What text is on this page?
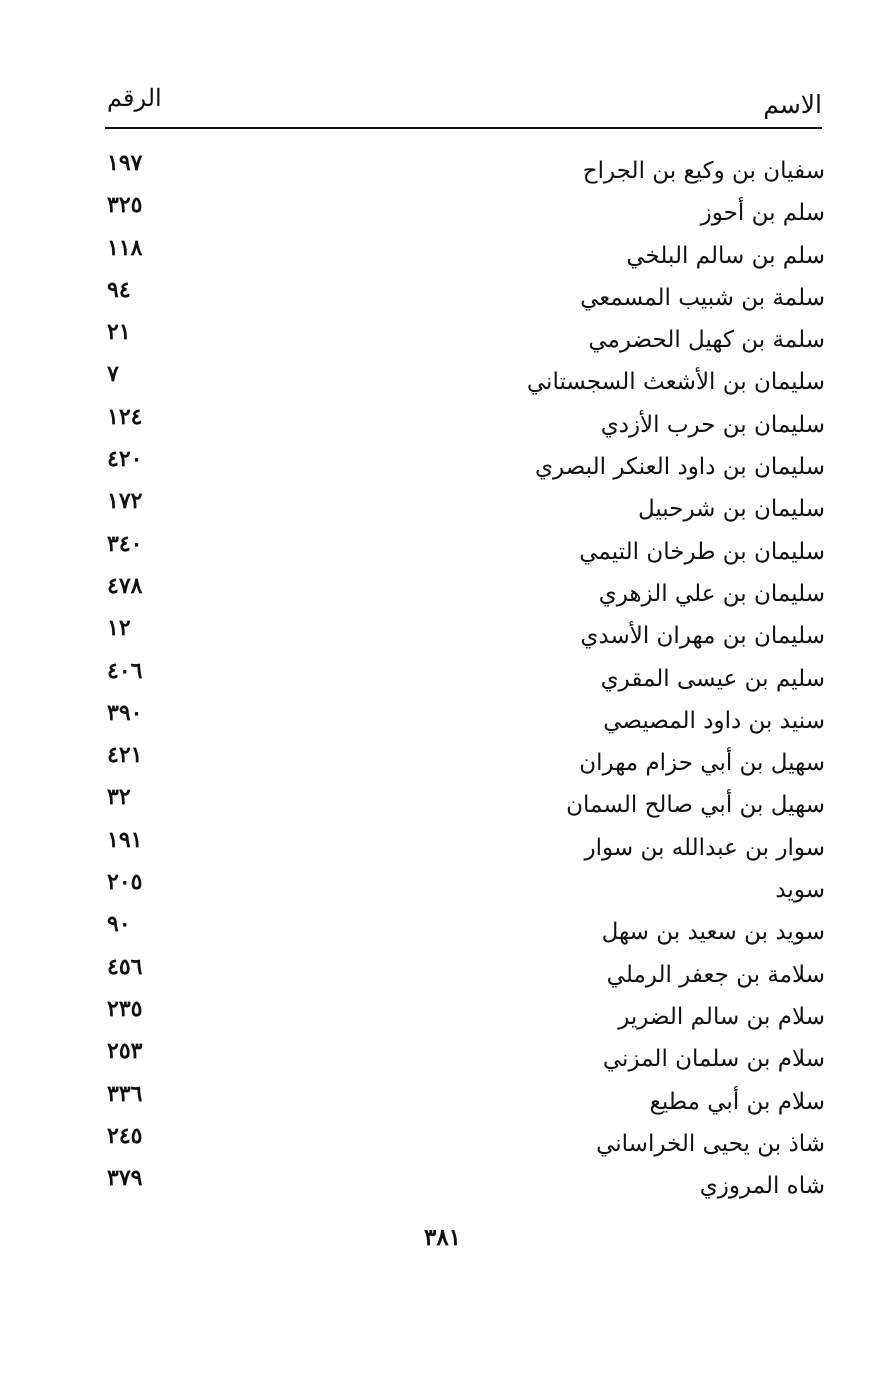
الاسم
الرقم
سفيان بن وكيع بن الجراح
١٩٧
سلم بن أحوز
٣٢٥
سلم بن سالم البلخي
١١٨
سلمة بن شبيب المسمعي
٩٤
سلمة بن كهيل الحضرمي
٢١
سليمان بن الأشعث السجستاني
٧
سليمان بن حرب الأزدي
١٢٤
سليمان بن داود العنكر البصري
٤٢٠
سليمان بن شرحبيل
١٧٢
سليمان بن طرخان التيمي
٣٤٠
سليمان بن علي الزهري
٤٧٨
سليمان بن مهران الأسدي
١٢
سليم بن عيسى المقري
٤٠٦
سنيد بن داود المصيصي
٣٩٠
سهيل بن أبي حزام مهران
٤٢١
سهيل بن أبي صالح السمان
٣٢
سوار بن عبدالله بن سوار
١٩١
سويد
٢٠٥
سويد بن سعيد بن سهل
٩٠
سلامة بن جعفر الرملي
٤٥٦
سلام بن سالم الضرير
٢٣٥
سلام بن سلمان المزني
٢٥٣
سلام بن أبي مطيع
٣٣٦
شاذ بن يحيى الخراساني
٢٤٥
شاه المروزي
٣٧٩
٣٨١
